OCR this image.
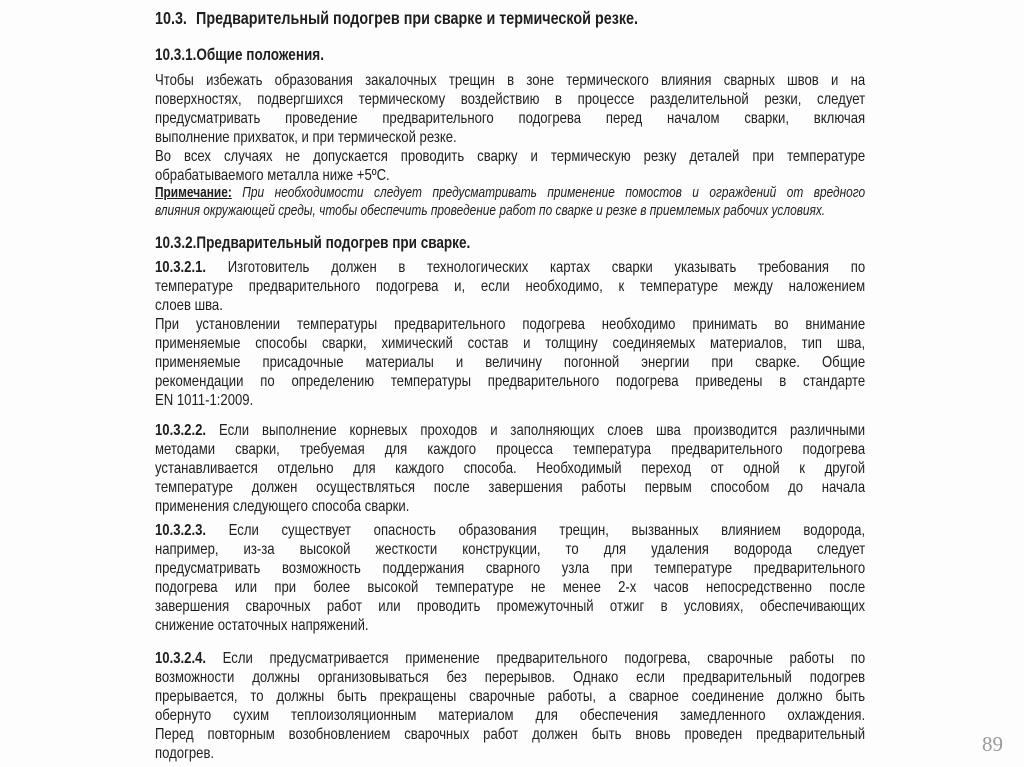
10.3. Предварительный подогрев при сварке и термической резке.
10.3.1.Общие положения.
Чтобы избежать образования закалочных трещин в зоне термического влияния сварных швов и на
поверхностях, подвергшихся термическому воздействию в процессе разделительной резки, следует
предусматривать проведение предварительного подогрева перед началом сварки, включая
выполнение прихваток, и при термической резке.
Во всех случаях не допускается проводить сварку и термическую резку деталей при температуре
обрабатываемого металла ниже +5ºС.
Примечание: При необходимости следует предусматривать применение помостов и ограждений от вредного
влияния окружающей среды, чтобы обеспечить проведение работ по сварке и резке в приемлемых рабочих условиях.
10.3.2.Предварительный подогрев при сварке.
10.3.2.1. Изготовитель должен в технологических картах сварки указывать требования по
температуре предварительного подогрева и, если необходимо, к температуре между наложением
слоев шва.
При установлении температуры предварительного подогрева необходимо принимать во внимание
применяемые способы сварки, химический состав и толщину соединяемых материалов, тип шва,
применяемые присадочные материалы и величину погонной энергии при сварке. Общие
рекомендации по определению температуры предварительного подогрева приведены в стандарте
EN 1011-1:2009.
10.3.2.2. Если выполнение корневых проходов и заполняющих слоев шва производится различными
методами сварки, требуемая для каждого процесса температура предварительного подогрева
устанавливается отдельно для каждого способа. Необходимый переход от одной к другой
температуре должен осуществляться после завершения работы первым способом до начала
применения следующего способа сварки.
10.3.2.3. Если существует опасность образования трещин, вызванных влиянием водорода,
например, из-за высокой жесткости конструкции, то для удаления водорода следует
предусматривать возможность поддержания сварного узла при температуре предварительного
подогрева или при более высокой температуре не менее 2-х часов непосредственно после
завершения сварочных работ или проводить промежуточный отжиг в условиях, обеспечивающих
снижение остаточных напряжений.
10.3.2.4. Если предусматривается применение предварительного подогрева, сварочные работы по
возможности должны организовываться без перерывов. Однако если предварительный подогрев
прерывается, то должны быть прекращены сварочные работы, а сварное соединение должно быть
обернуто сухим теплоизоляционным материалом для обеспечения замедленного охлаждения.
Перед повторным возобновлением сварочных работ должен быть вновь проведен предварительный
подогрев.	89
